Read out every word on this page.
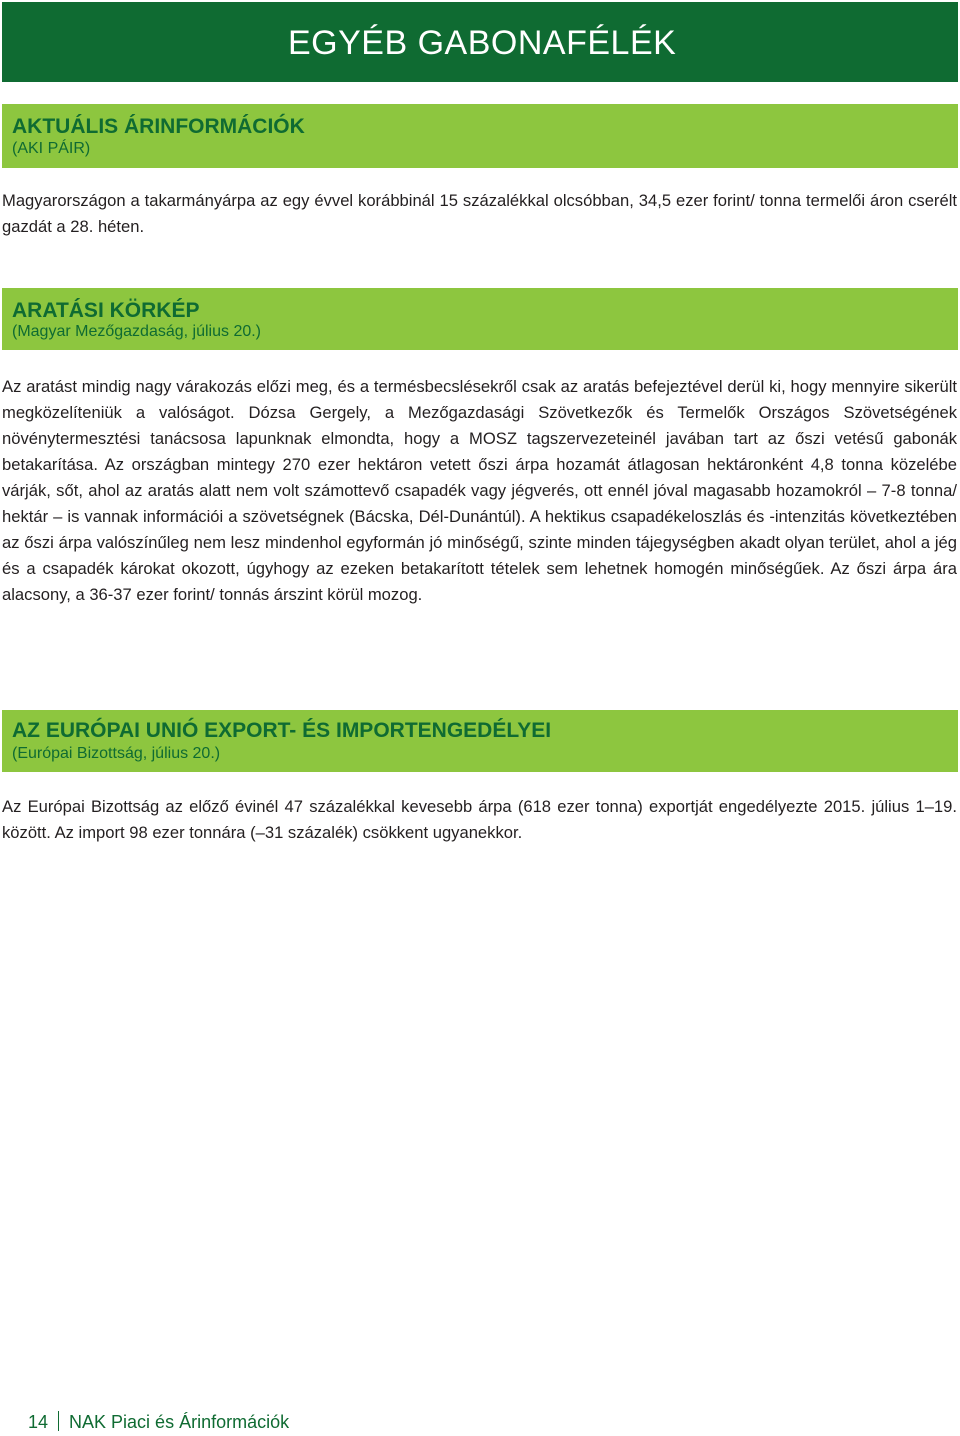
EGYÉB GABONAFÉLÉK
AKTUÁLIS ÁRINFORMÁCIÓK

(AKI PÁIR)

Magyarországon a takarmányárpa az egy évvel korábbinál 15 százalékkal olcsóbban, 34,5 ezer forint/ tonna termelői áron cserélt gazdát a 28. héten.

ARATÁSI KÖRKÉP

(Magyar Mezőgazdaság, július 20.)

Az aratást mindig nagy várakozás előzi meg, és a termésbecslésekről csak az aratás befejeztével derül ki, hogy mennyire sikerült megközelíteniük a valóságot. Dózsa Gergely, a Mezőgazdasági Szövetkezők és Termelők Országos Szövetségének növénytermesztési tanácsosa lapunknak elmondta, hogy a MOSZ tagszervezeteinél javában tart az őszi vetésű gabonák betakarítása. Az országban mintegy 270 ezer hektáron vetett őszi árpa hozamát átlagosan hektáronként 4,8 tonna közelébe várják, sőt, ahol az aratás alatt nem volt számottevő csapadék vagy jégverés, ott ennél jóval magasabb hozamokról – 7-8 tonna/ hektár – is vannak információi a szövetségnek (Bácska, Dél-Dunántúl). A hektikus csapadékeloszlás és -intenzitás következtében az őszi árpa valószínűleg nem lesz mindenhol egyformán jó minőségű, szinte minden tájegységben akadt olyan terület, ahol a jég és a csapadék károkat okozott, úgyhogy az ezeken betakarított tételek sem lehetnek homogén minőségűek. Az őszi árpa ára alacsony, a 36-37 ezer forint/ tonnás árszint körül mozog.

AZ EURÓPAI UNIÓ EXPORT- ÉS IMPORTENGEDÉLYEI

(Európai Bizottság, július 20.)

Az Európai Bizottság az előző évinél 47 százalékkal kevesebb árpa (618 ezer tonna) exportját engedélyezte 2015. július 1–19. között. Az import 98 ezer tonnára (–31 százalék) csökkent ugyanekkor.

14 NAK Piaci és Árinformációk
